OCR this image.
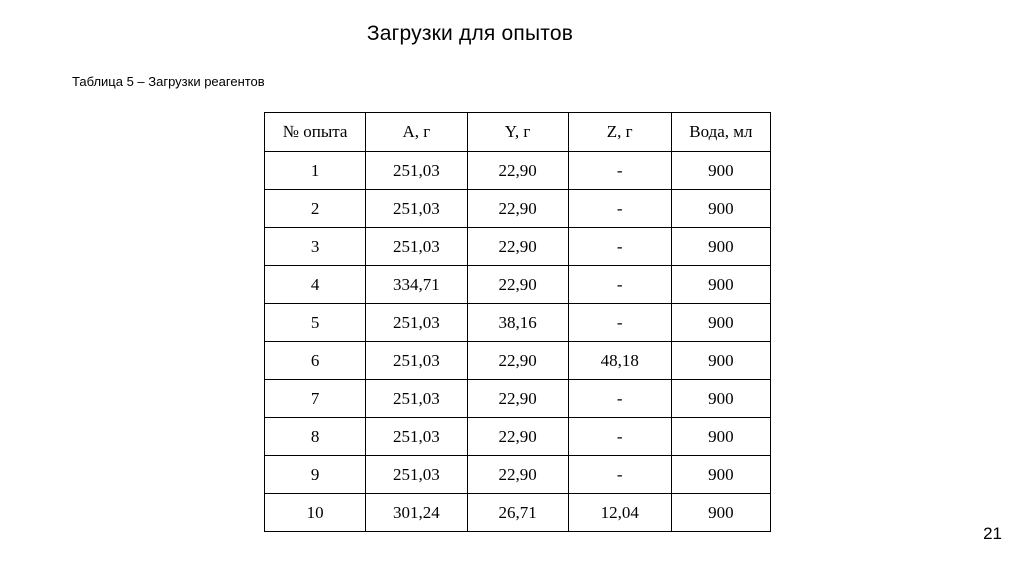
Загрузки для опытов
Таблица 5 – Загрузки реагентов
№ опыта	А, г	Y, г	Z, г	Вода, мл
1	251,03	22,90	-	900
2	251,03	22,90	-	900
3	251,03	22,90	-	900
4	334,71	22,90	-	900
5	251,03	38,16	-	900
6	251,03	22,90	48,18	900
7	251,03	22,90	-	900
8	251,03	22,90	-	900
9	251,03	22,90	-	900
10	301,24	26,71	12,04	900
21
